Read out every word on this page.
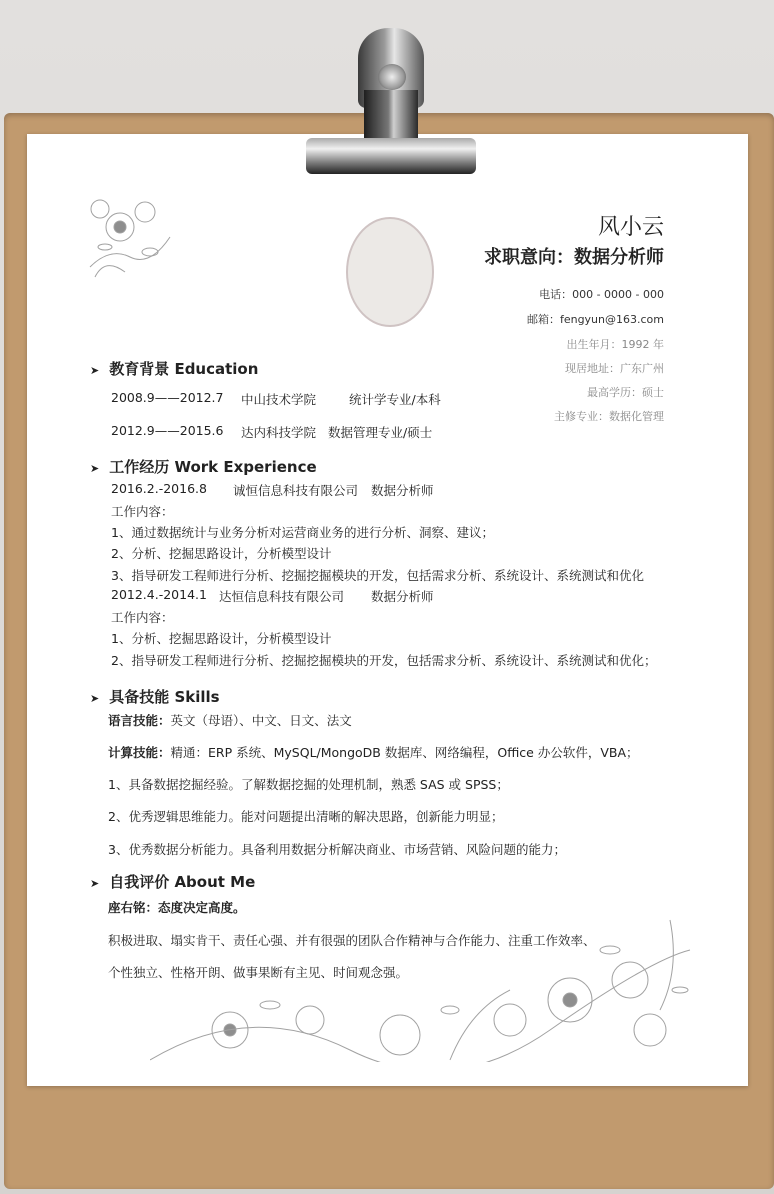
风小云
求职意向：数据分析师
电话：000 - 0000 - 000
邮箱：fengyun@163.com
出生年月：1992 年
现居地址：广东广州
最高学历：硕士
主修专业：数据化管理
➤ 教育背景 Education
2008.9——2012.7 中山技术学院	统计学专业/本科
2012.9——2015.6 达内科技学院 数据管理专业/硕士
➤ 工作经历 Work Experience
2016.2.-2016.8 诚恒信息科技有限公司 数据分析师
工作内容：
1、通过数据统计与业务分析对运营商业务的进行分析、洞察、建议；
2、分析、挖掘思路设计，分析模型设计
3、指导研发工程师进行分析、挖掘挖掘模块的开发，包括需求分析、系统设计、系统测试和优化
2012.4.-2014.1 达恒信息科技有限公司 数据分析师
工作内容：
1、分析、挖掘思路设计，分析模型设计
2、指导研发工程师进行分析、挖掘挖掘模块的开发，包括需求分析、系统设计、系统测试和优化；
➤ 具备技能 Skills
语言技能：英文（母语）、中文、日文、法文
计算技能：精通：ERP 系统、MySQL/MongoDB 数据库、网络编程，Office 办公软件，VBA；
1、具备数据挖掘经验。了解数据挖掘的处理机制，熟悉 SAS 或 SPSS；
2、优秀逻辑思维能力。能对问题提出清晰的解决思路，创新能力明显；
3、优秀数据分析能力。具备利用数据分析解决商业、市场营销、风险问题的能力；
➤ 自我评价 About Me
座右铭：态度决定高度。
积极进取、塌实肯干、责任心强、并有很强的团队合作精神与合作能力、注重工作效率、
个性独立、性格开朗、做事果断有主见、时间观念强。
